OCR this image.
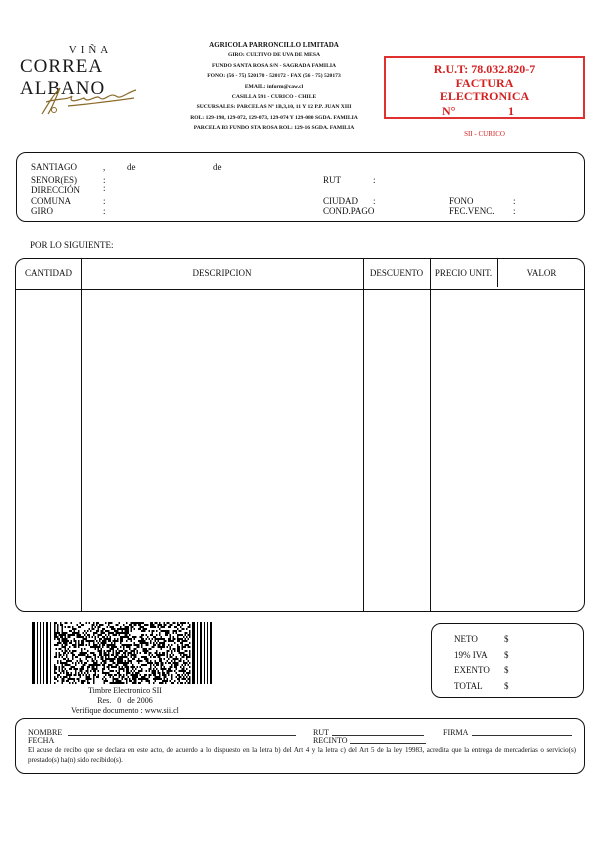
VIÑA
CORREA ALBANO
AGRICOLA PARRONCILLO LIMITADA
GIRO: CULTIVO DE UVA DE MESA
FUNDO SANTA ROSA S/N - SAGRADA FAMILIA
FONO: (56 - 75) 520170 - 520172 - FAX (56 - 75) 520173
EMAIL: inform@caw.cl
CASILLA 591 - CURICO - CHILE
SUCURSALES: PARCELAS Nº 1B,3,10, 11 Y 12 P.P. JUAN XIII
ROL: 129-198, 129-072, 129-073, 129-074 Y 129-080 SGDA. FAMILIA
PARCELA B3 FUNDO STA ROSA ROL: 129-16 SGDA. FAMILIA
R.U.T: 78.032.820-7
FACTURA
ELECTRONICA
N°	1
SII - CURICO
SANTIAGO	, de	de
SENOR(ES)	:
DIRECCIÓN	:
COMUNA	:
GIRO	:
RUT	:
CIUDAD :
COND.PAGO
FONO	:
FEC.VENC. :
POR LO SIGUIENTE:
CANTIDAD	DESCRIPCION	DESCUENTO	PRECIO UNIT.	VALOR
Timbre Electronico SII
Res. 0 de 2006
Verifique documento : www.sii.cl
NETO	$
19% IVA $
EXENTO $
TOTAL $
NOMBRE	RUT	FIRMA
FECHA	RECINTO
El acuse de recibo que se declara en este acto, de acuerdo a lo dispuesto en la letra b) del Art 4 y la letra c) del Art 5 de la ley 19983, acredita que la entrega de mercaderias o servicio(s) prestado(s) ha(n) sido recibido(s).
